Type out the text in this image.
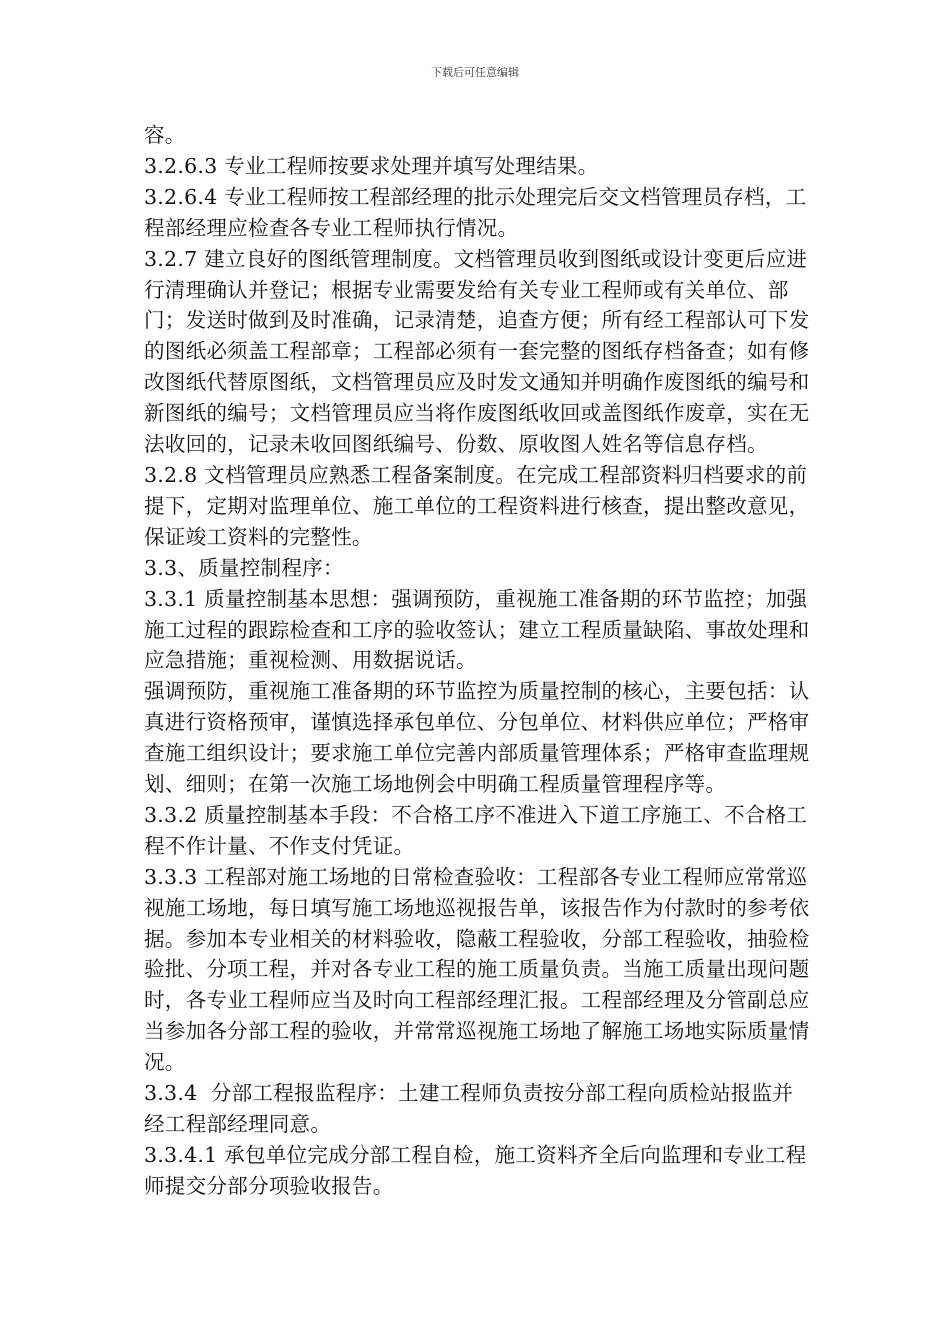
下载后可任意编辑

容。

3.2.6.3 专业工程师按要求处理并填写处理结果。

3.2.6.4 专业工程师按工程部经理的批示处理完后交文档管理员存档，工程部经理应检查各专业工程师执行情况。

3.2.7 建立良好的图纸管理制度。文档管理员收到图纸或设计变更后应进行清理确认并登记；根据专业需要发给有关专业工程师或有关单位、部门；发送时做到及时准确，记录清楚，追查方便；所有经工程部认可下发的图纸必须盖工程部章；工程部必须有一套完整的图纸存档备查；如有修改图纸代替原图纸，文档管理员应及时发文通知并明确作废图纸的编号和新图纸的编号；文档管理员应当将作废图纸收回或盖图纸作废章，实在无法收回的，记录未收回图纸编号、份数、原收图人姓名等信息存档。

3.2.8 文档管理员应熟悉工程备案制度。在完成工程部资料归档要求的前提下，定期对监理单位、施工单位的工程资料进行核查，提出整改意见，保证竣工资料的完整性。

3.3、质量控制程序：

3.3.1 质量控制基本思想：强调预防，重视施工准备期的环节监控；加强施工过程的跟踪检查和工序的验收签认；建立工程质量缺陷、事故处理和应急措施；重视检测、用数据说话。

强调预防，重视施工准备期的环节监控为质量控制的核心，主要包括：认真进行资格预审，谨慎选择承包单位、分包单位、材料供应单位；严格审查施工组织设计；要求施工单位完善内部质量管理体系；严格审查监理规划、细则；在第一次施工场地例会中明确工程质量管理程序等。

3.3.2 质量控制基本手段：不合格工序不准进入下道工序施工、不合格工程不作计量、不作支付凭证。

3.3.3 工程部对施工场地的日常检查验收：工程部各专业工程师应常常巡视施工场地，每日填写施工场地巡视报告单，该报告作为付款时的参考依据。参加本专业相关的材料验收，隐蔽工程验收，分部工程验收，抽验检验批、分项工程，并对各专业工程的施工质量负责。当施工质量出现问题时，各专业工程师应当及时向工程部经理汇报。工程部经理及分管副总应当参加各分部工程的验收，并常常巡视施工场地了解施工场地实际质量情况。

3.3.4  分部工程报监程序：土建工程师负责按分部工程向质检站报监并经工程部经理同意。

3.3.4.1 承包单位完成分部工程自检，施工资料齐全后向监理和专业工程师提交分部分项验收报告。
